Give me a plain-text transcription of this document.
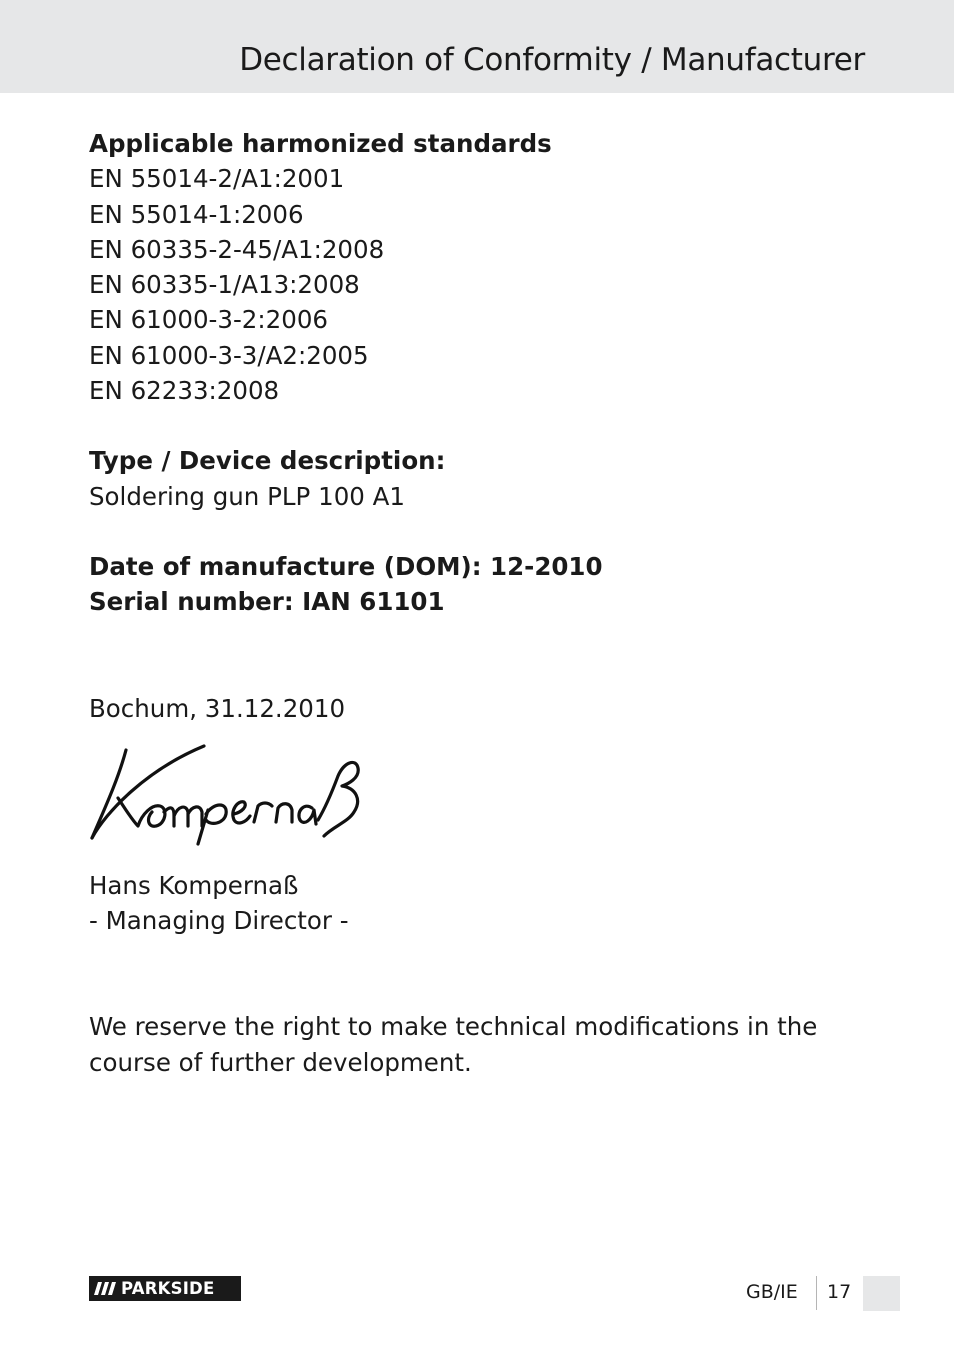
Declaration of Conformity / Manufacturer
Applicable harmonized standards
EN 55014-2/A1:2001
EN 55014-1:2006
EN 60335-2-45/A1:2008
EN 60335-1/A13:2008
EN 61000-3-2:2006
EN 61000-3-3/A2:2005
EN 62233:2008
Type / Device description:
Soldering gun PLP 100 A1
Date of manufacture (DOM): 12-2010
Serial number: IAN 61101
Bochum, 31.12.2010
Hans Kompernaß
- Managing Director -
We reserve the right to make technical modifications in the course of further development.
PARKSIDE	GB/IE 17
